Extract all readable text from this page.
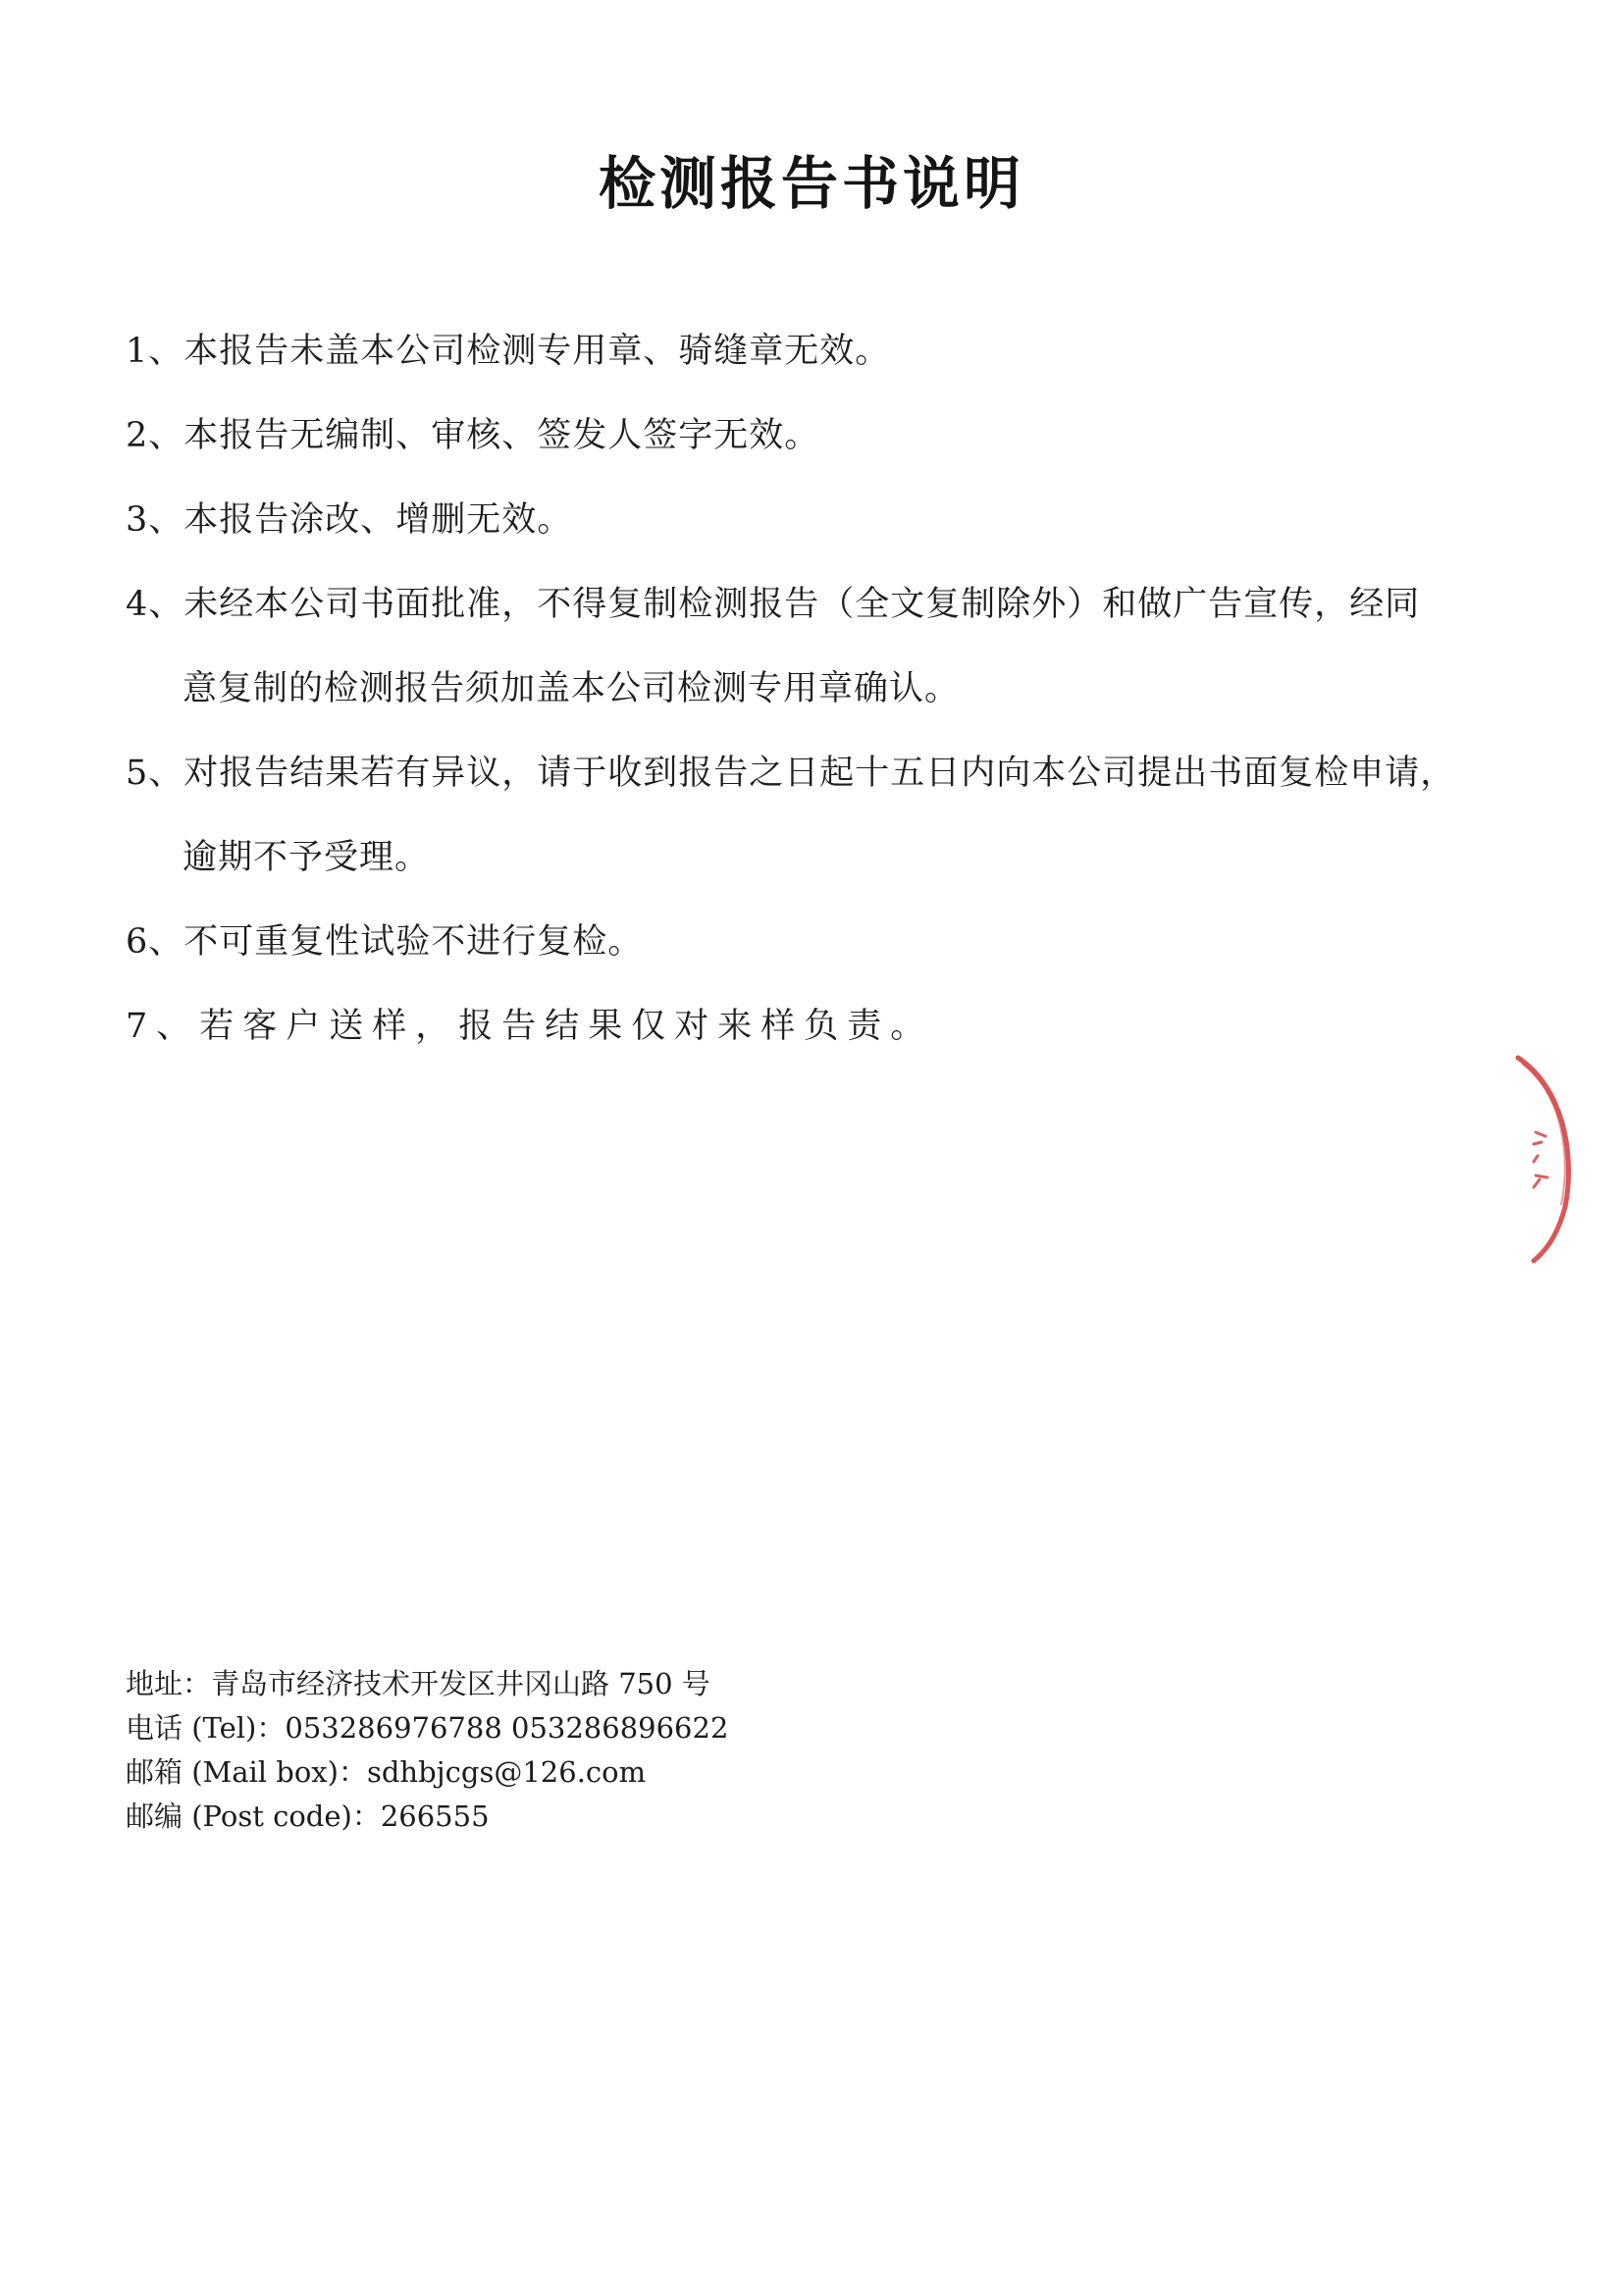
检测报告书说明
1、本报告未盖本公司检测专用章、骑缝章无效。
2、本报告无编制、审核、签发人签字无效。
3、本报告涂改、增删无效。
4、未经本公司书面批准，不得复制检测报告（全文复制除外）和做广告宣传，经同
意复制的检测报告须加盖本公司检测专用章确认。
5、对报告结果若有异议，请于收到报告之日起十五日内向本公司提出书面复检申请，
逾期不予受理。
6、不可重复性试验不进行复检。
7、若客户送样，报告结果仅对来样负责。
地址：青岛市经济技术开发区井冈山路 750 号
电话 (Tel)：053286976788 053286896622
邮箱 (Mail box)：sdhbjcgs@126.com
邮编 (Post code)：266555
